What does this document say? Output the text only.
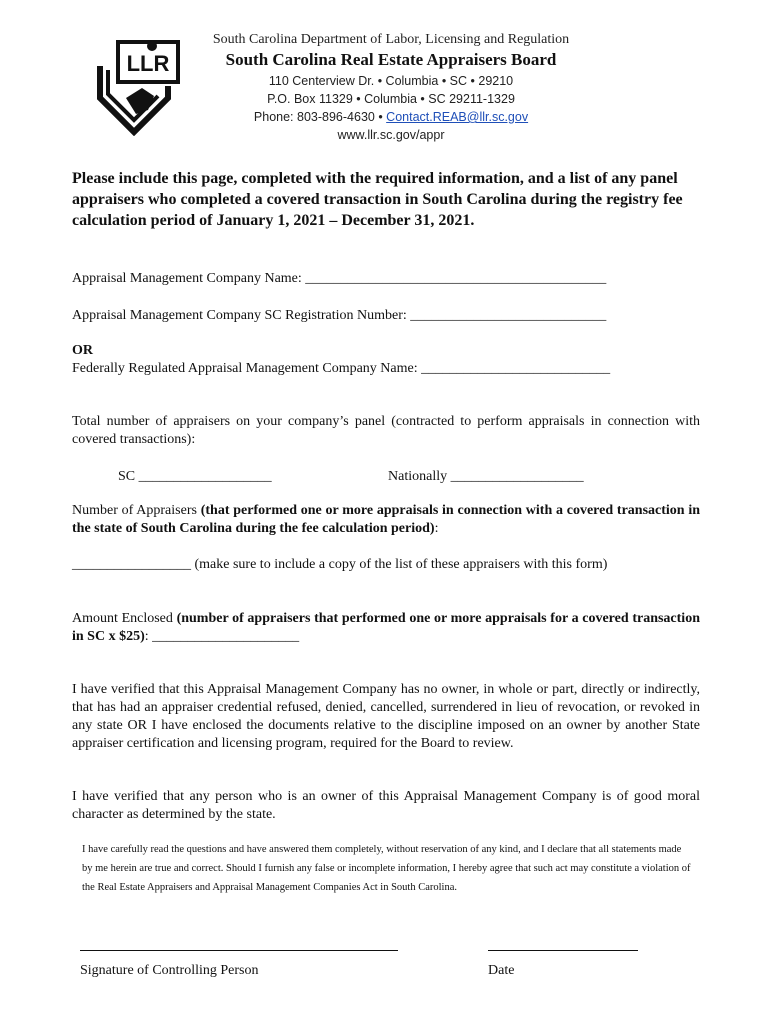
LLR
South Carolina Department of Labor, Licensing and Regulation
South Carolina Real Estate Appraisers Board
110 Centerview Dr. • Columbia • SC • 29210
P.O. Box 11329 • Columbia • SC 29211-1329
Phone: 803-896-4630 • Contact.REAB@llr.sc.gov
www.llr.sc.gov/appr
Please include this page, completed with the required information, and a list of any panel appraisers who completed a covered transaction in South Carolina during the registry fee calculation period of January 1, 2021 – December 31, 2021.
Appraisal Management Company Name: ___________________________________________
Appraisal Management Company SC Registration Number: ____________________________
OR
Federally Regulated Appraisal Management Company Name: ___________________________
Total number of appraisers on your company’s panel (contracted to perform appraisals in connection with covered transactions):
SC ___________________	Nationally ___________________
Number of Appraisers (that performed one or more appraisals in connection with a covered transaction in the state of South Carolina during the fee calculation period):
_________________ (make sure to include a copy of the list of these appraisers with this form)
Amount Enclosed (number of appraisers that performed one or more appraisals for a covered transaction in SC x $25): _____________________
I have verified that this Appraisal Management Company has no owner, in whole or part, directly or indirectly, that has had an appraiser credential refused, denied, cancelled, surrendered in lieu of revocation, or revoked in any state OR I have enclosed the documents relative to the discipline imposed on an owner by another State appraiser certification and licensing program, required for the Board to review.
I have verified that any person who is an owner of this Appraisal Management Company is of good moral character as determined by the state.
I have carefully read the questions and have answered them completely, without reservation of any kind, and I declare that all statements made by me herein are true and correct. Should I furnish any false or incomplete information, I hereby agree that such act may constitute a violation of the Real Estate Appraisers and Appraisal Management Companies Act in South Carolina.
Signature of Controlling Person	Date
